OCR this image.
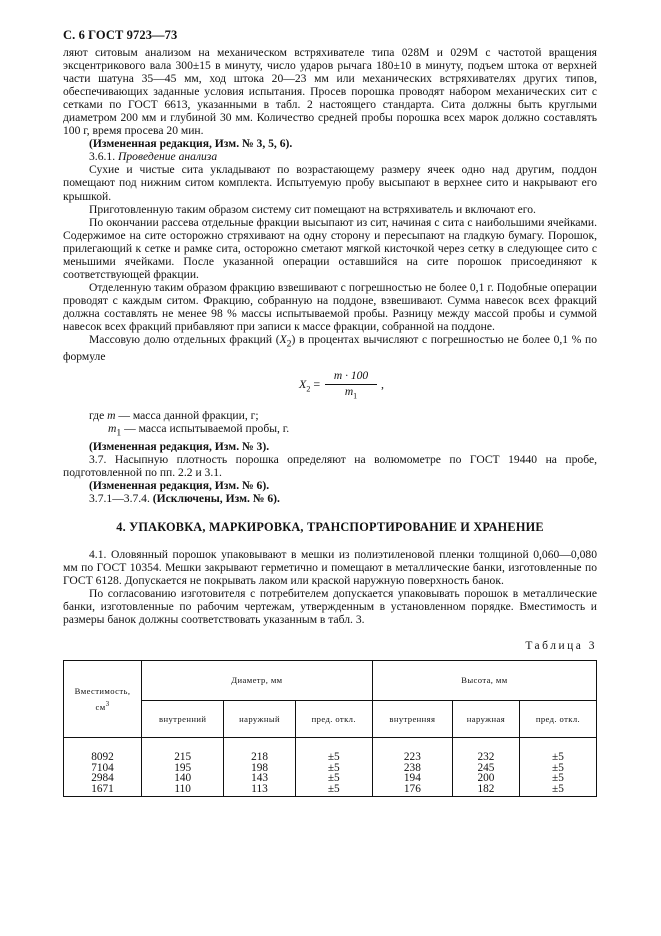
С. 6 ГОСТ 9723—73

ляют ситовым анализом на механическом встряхивателе типа 028М и 029М с частотой вращения эксцентрикового вала 300±15 в минуту, число ударов рычага 180±10 в минуту, подъем штока от верхней части шатуна 35—45 мм, ход штока 20—23 мм или механических встряхивателях других типов, обеспечивающих заданные условия испытания. Просев порошка проводят набором механических сит с сетками по ГОСТ 6613, указанными в табл. 2 настоящего стандарта. Сита должны быть круглыми диаметром 200 мм и глубиной 30 мм. Количество средней пробы порошка всех марок должно составлять 100 г, время просева 20 мин.

(Измененная редакция, Изм. № 3, 5, 6).

3.6.1. Проведение анализа

Сухие и чистые сита укладывают по возрастающему размеру ячеек одно над другим, поддон помещают под нижним ситом комплекта. Испытуемую пробу высыпают в верхнее сито и накрывают его крышкой.

Приготовленную таким образом систему сит помещают на встряхиватель и включают его.

По окончании рассева отдельные фракции высыпают из сит, начиная с сита с наибольшими ячейками. Содержимое на сите осторожно стряхивают на одну сторону и пересыпают на гладкую бумагу. Порошок, прилегающий к сетке и рамке сита, осторожно сметают мягкой кисточкой через сетку в следующее сито с меньшими ячейками. После указанной операции оставшийся на сите порошок присоединяют к соответствующей фракции.

Отделенную таким образом фракцию взвешивают с погрешностью не более 0,1 г. Подобные операции проводят с каждым ситом. Фракцию, собранную на поддоне, взвешивают. Сумма навесок всех фракций должна составлять не менее 98 % массы испытываемой пробы. Разницу между массой пробы и суммой навесок всех фракций прибавляют при записи к массе фракции, собранной на поддоне.

Массовую долю отдельных фракций $(X_2)$ в процентах вычисляют с погрешностью не более 0,1 % по формуле

$X_2 = \frac{m \cdot 100}{m_1}$ ,

где m — масса данной фракции, г;

$m_1$ — масса испытываемой пробы, г.

(Измененная редакция, Изм. № 3).

3.7. Насыпную плотность порошка определяют на волюмометре по ГОСТ 19440 на пробе, подготовленной по пп. 2.2 и 3.1.

(Измененная редакция, Изм. № 6).

3.7.1—3.7.4. (Исключены, Изм. № 6).

4. УПАКОВКА, МАРКИРОВКА, ТРАНСПОРТИРОВАНИЕ И ХРАНЕНИЕ

4.1. Оловянный порошок упаковывают в мешки из полиэтиленовой пленки толщиной 0,060—0,080 мм по ГОСТ 10354. Мешки закрывают герметично и помещают в металлические банки, изготовленные по ГОСТ 6128. Допускается не покрывать лаком или краской наружную поверхность банок.

По согласованию изготовителя с потребителем допускается упаковывать порошок в металлические банки, изготовленные по рабочим чертежам, утвержденным в установленном порядке. Вместимость и размеры банок должны соответствовать указанным в табл. 3.

Таблица 3

Вместимость,
$см^3$	Диаметр, мм			Высота, мм		
	внутренний	наружный	пред. откл.	внутренняя	наружная	пред. откл.
8092	215	218	±5	223	232	±5
7104	195	198	±5	238	245	±5
2984	140	143	±5	194	200	±5
1671	110	113	±5	176	182	±5
